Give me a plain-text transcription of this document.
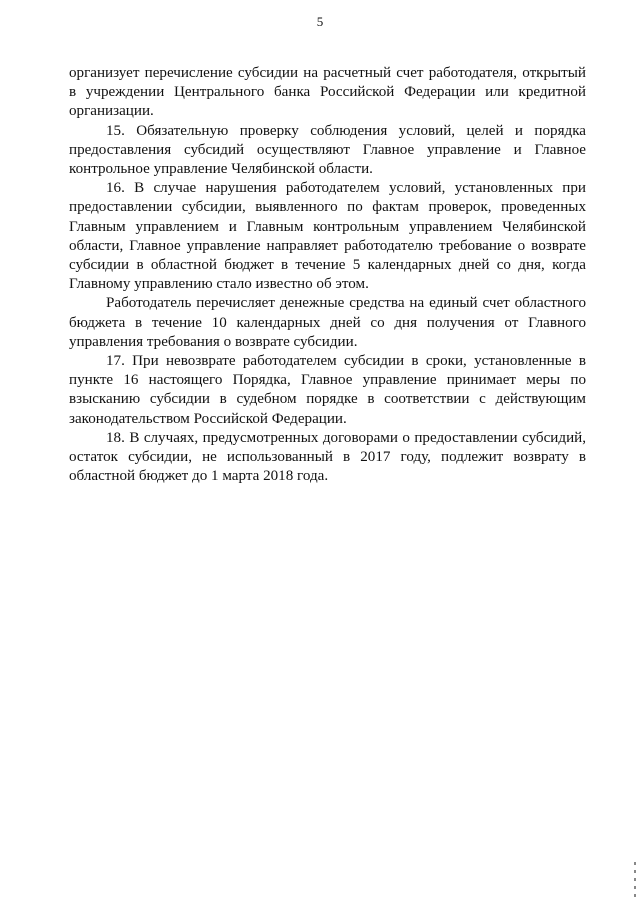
5

организует перечисление субсидии на расчетный счет работодателя, открытый в учреждении Центрального банка Российской Федерации или кредитной организации.

15. Обязательную проверку соблюдения условий, целей и порядка предоставления субсидий осуществляют Главное управление и Главное контрольное управление Челябинской области.

16. В случае нарушения работодателем условий, установленных при предоставлении субсидии, выявленного по фактам проверок, проведенных Главным управлением и Главным контрольным управлением Челябинской области, Главное управление направляет работодателю требование о возврате субсидии в областной бюджет в течение 5 календарных дней со дня, когда Главному управлению стало известно об этом.

Работодатель перечисляет денежные средства на единый счет областного бюджета в течение 10 календарных дней со дня получения от Главного управления требования о возврате субсидии.

17. При невозврате работодателем субсидии в сроки, установленные в пункте 16 настоящего Порядка, Главное управление принимает меры по взысканию субсидии в судебном порядке в соответствии с действующим законодательством Российской Федерации.

18. В случаях, предусмотренных договорами о предоставлении субсидий, остаток субсидии, не использованный в 2017 году, подлежит возврату в областной бюджет до 1 марта 2018 года.
